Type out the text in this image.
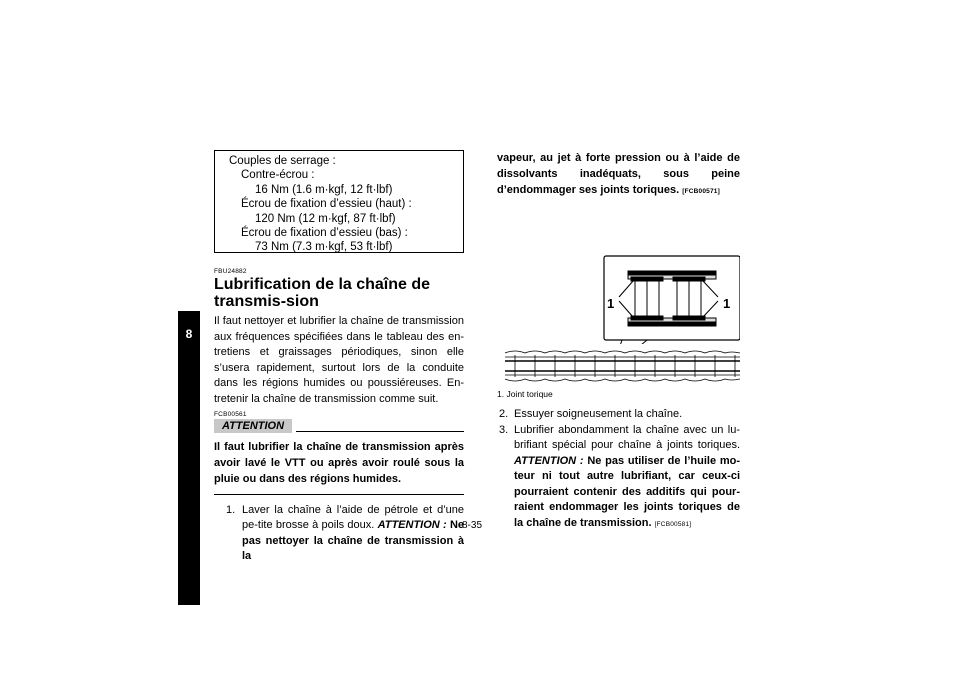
8
Couples de serrage :
Contre-écrou :
16 Nm (1.6 m·kgf, 12 ft·lbf)
Écrou de fixation d’essieu (haut) :
120 Nm (12 m·kgf, 87 ft·lbf)
Écrou de fixation d’essieu (bas) :
73 Nm (7.3 m·kgf, 53 ft·lbf)
FBU24882
Lubrification de la chaîne de transmis-sion

Il faut nettoyer et lubrifier la chaîne de transmission aux fréquences spécifiées dans le tableau des en-tretiens et graissages périodiques, sinon elle s’usera rapidement, surtout lors de la conduite dans les régions humides ou poussiéreuses. En-tretenir la chaîne de transmission comme suit.

FCB00561
ATTENTION

Il faut lubrifier la chaîne de transmission après avoir lavé le VTT ou après avoir roulé sous la pluie ou dans des régions humides.

1. Laver la chaîne à l’aide de pétrole et d’une pe-tite brosse à poils doux. ATTENTION : Ne pas nettoyer la chaîne de transmission à la

vapeur, au jet à forte pression ou à l’aide de dissolvants inadéquats, sous peine d’endommager ses joints toriques. [FCB00571]

1	1

1. Joint torique

2. Essuyer soigneusement la chaîne.
3. Lubrifier abondamment la chaîne avec un lu-brifiant spécial pour chaîne à joints toriques. ATTENTION : Ne pas utiliser de l’huile mo-teur ni tout autre lubrifiant, car ceux-ci pourraient contenir des additifs qui pour-raient endommager les joints toriques de la chaîne de transmission. [FCB00581]
8-35
